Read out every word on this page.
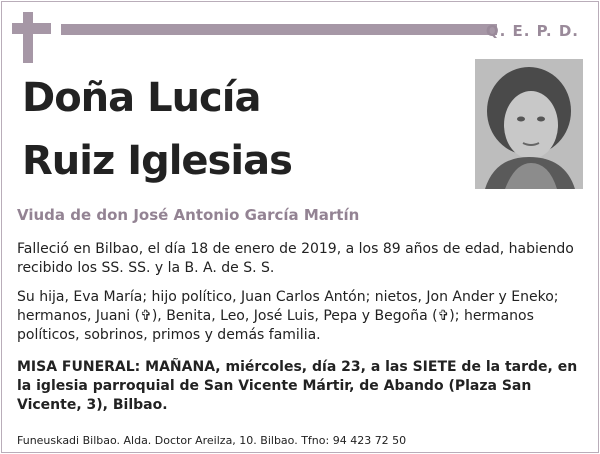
Q. E. P. D.
Doña Lucía
Ruiz Iglesias
Viuda de don José Antonio García Martín

Falleció en Bilbao, el día 18 de enero de 2019, a los 89 años de edad, habiendo recibido los SS. SS. y la B. A. de S. S.

Su hija, Eva María; hijo político, Juan Carlos Antón; nietos, Jon Ander y Eneko; hermanos, Juani (✞), Benita, Leo, José Luis, Pepa y Begoña (✞); hermanos políticos, sobrinos, primos y demás familia.

MISA FUNERAL: MAÑANA, miércoles, día 23, a las SIETE de la tarde, en la iglesia parroquial de San Vicente Mártir, de Abando (Plaza San Vicente, 3), Bilbao.

Funeuskadi Bilbao. Alda. Doctor Areilza, 10. Bilbao. Tfno: 94 423 72 50
